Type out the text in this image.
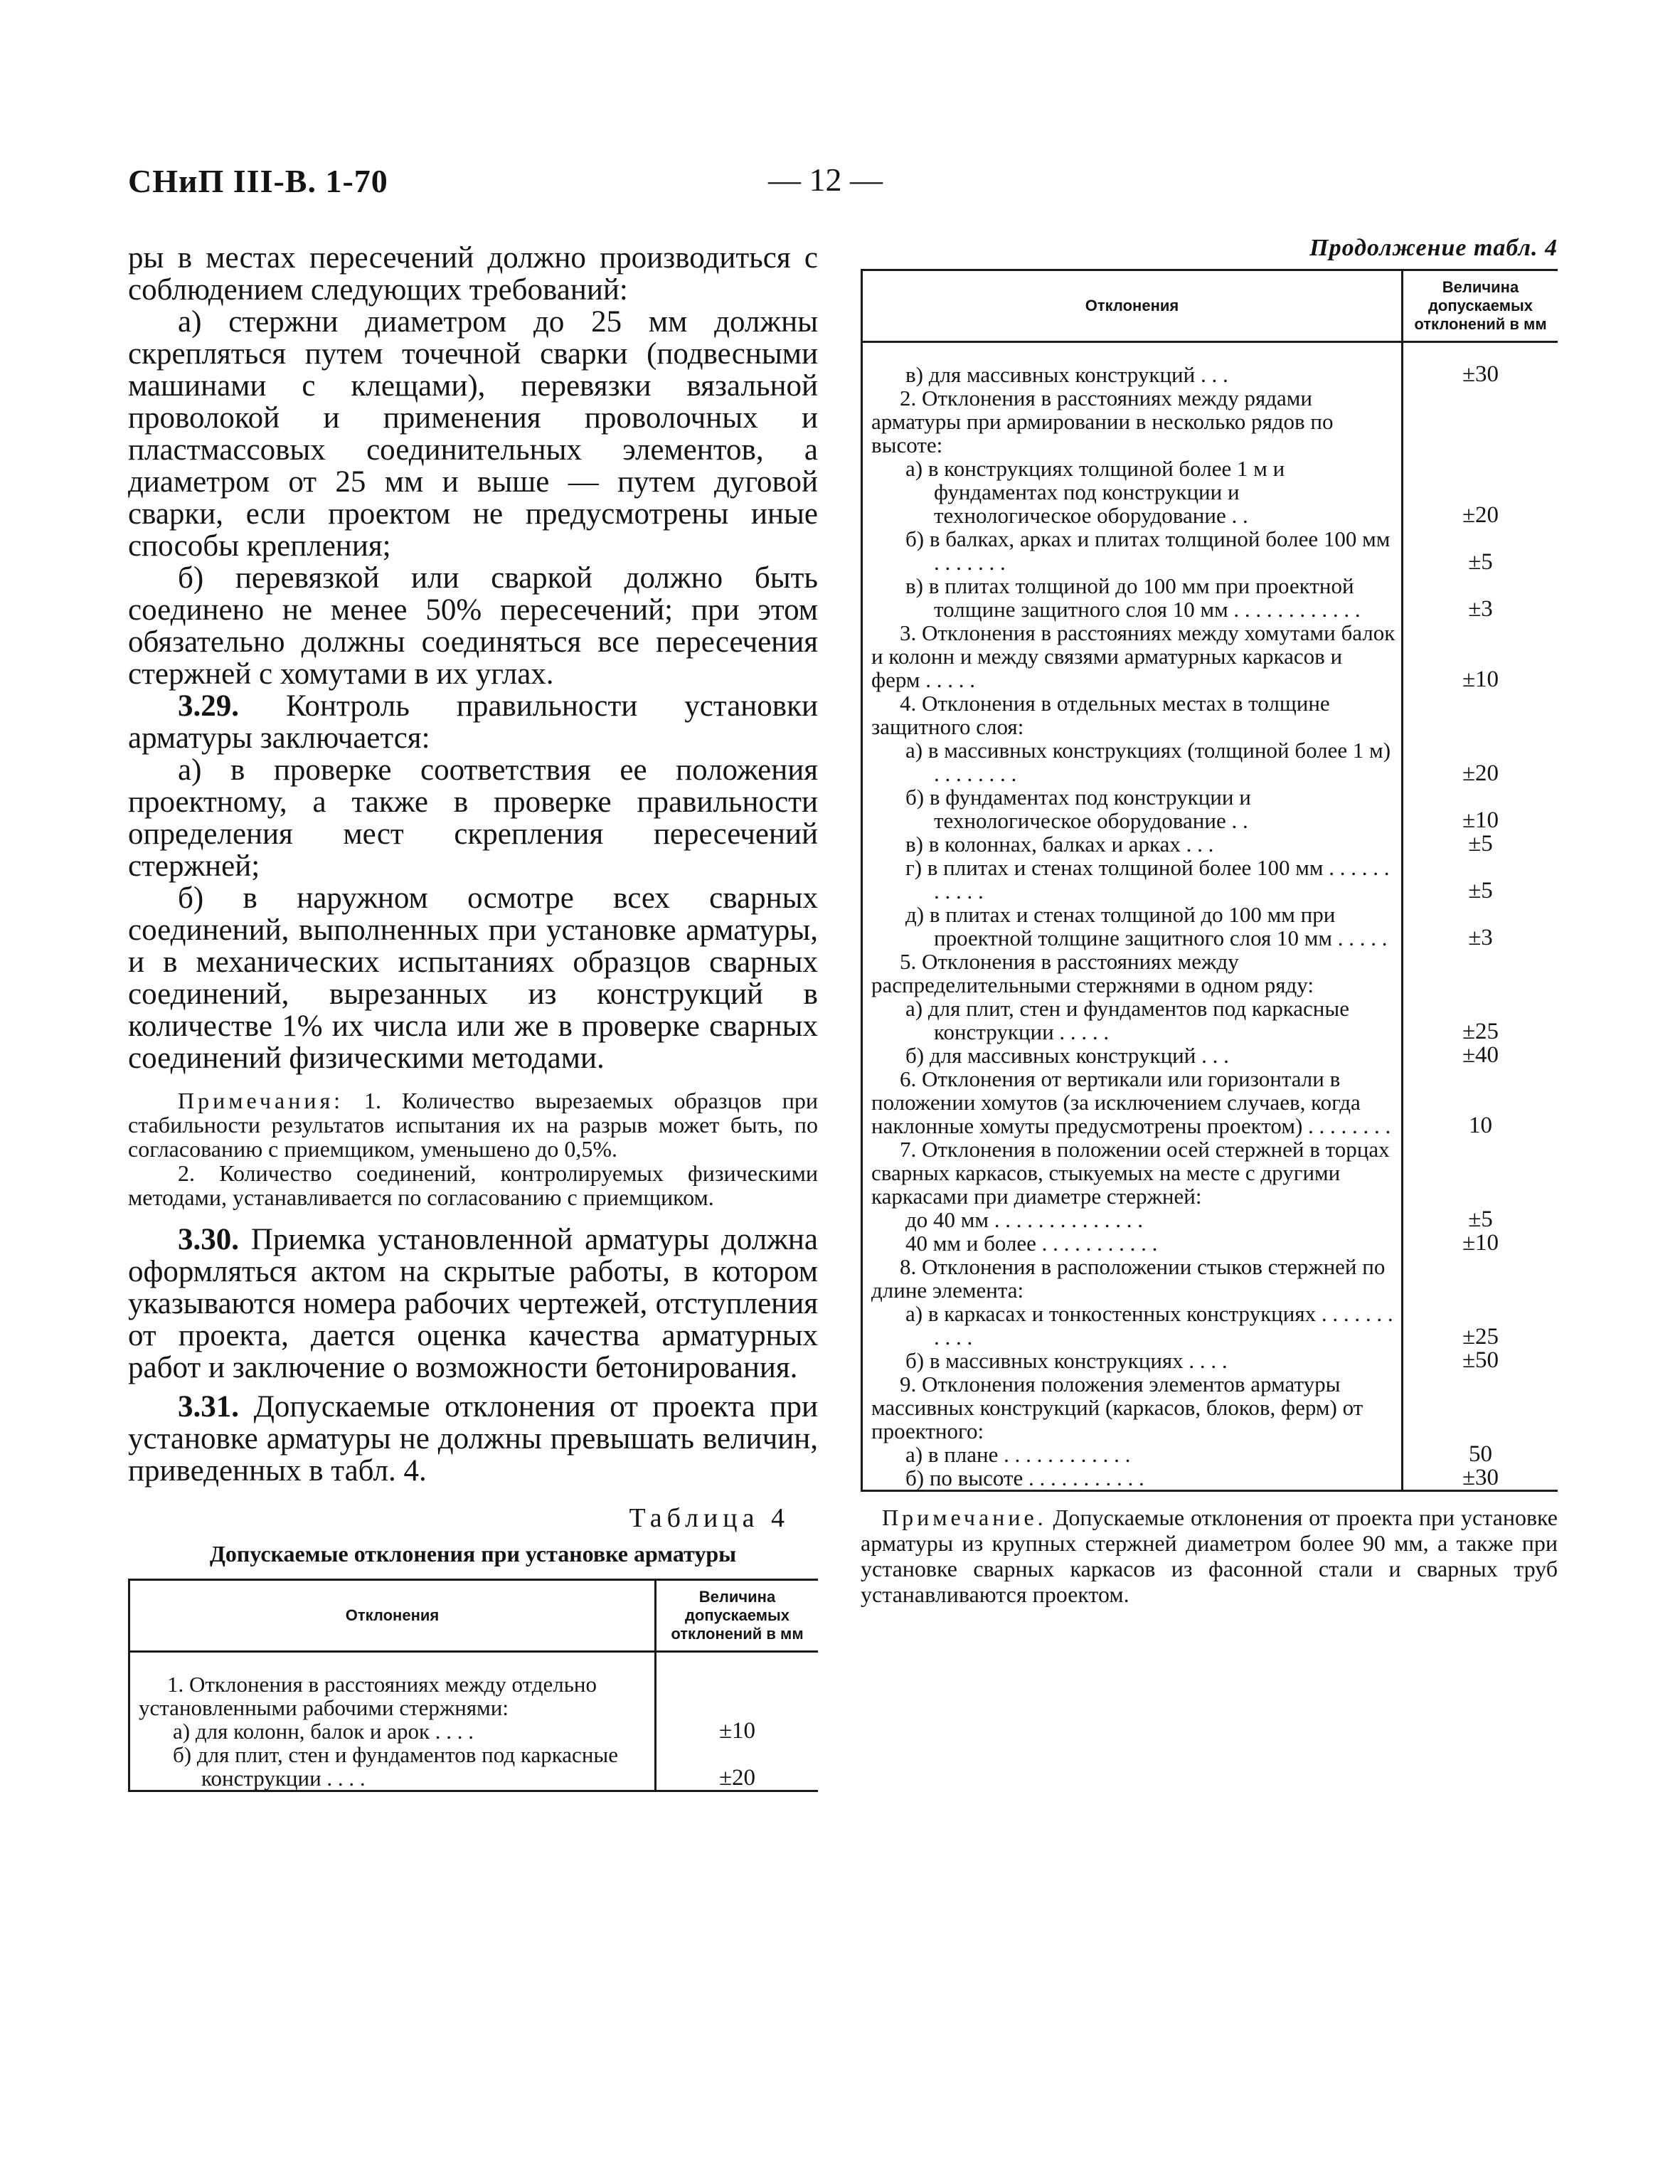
СНиП III-В. 1-70	— 12 —

ры в местах пересечений должно производиться с соблюдением следующих требований:

а) стержни диаметром до 25 мм должны скрепляться путем точечной сварки (подвесными машинами с клещами), перевязки вязальной проволокой и применения проволочных и пластмассовых соединительных элементов, а диаметром от 25 мм и выше — путем дуговой сварки, если проектом не предусмотрены иные способы крепления;

б) перевязкой или сваркой должно быть соединено не менее 50% пересечений; при этом обязательно должны соединяться все пересечения стержней с хомутами в их углах.

3.29. Контроль правильности установки арматуры заключается:

а) в проверке соответствия ее положения проектному, а также в проверке правильности определения мест скрепления пересечений стержней;

б) в наружном осмотре всех сварных соединений, выполненных при установке арматуры, и в механических испытаниях образцов сварных соединений, вырезанных из конструкций в количестве 1% их числа или же в проверке сварных соединений физическими методами.

Примечания: 1. Количество вырезаемых образцов при стабильности результатов испытания их на разрыв может быть, по согласованию с приемщиком, уменьшено до 0,5%.

2. Количество соединений, контролируемых физическими методами, устанавливается по согласованию с приемщиком.

3.30. Приемка установленной арматуры должна оформляться актом на скрытые работы, в котором указываются номера рабочих чертежей, отступления от проекта, дается оценка качества арматурных работ и заключение о возможности бетонирования.

3.31. Допускаемые отклонения от проекта при установке арматуры не должны превышать величин, приведенных в табл. 4.

Таблица 4
Допускаемые отклонения при установке арматуры
Отклонения	Величина допускаемых отклонений в мм

1. Отклонения в расстояниях между отдельно установленными рабочими стержнями:	
а) для колонн, балок и арок . . . .	±10
б) для плит, стен и фундаментов под каркасные конструкции . . . .	±20
Продолжение табл. 4
Отклонения	Величина допускаемых отклонений в мм

в) для массивных конструкций . . .	±30
2. Отклонения в расстояниях между рядами арматуры при армировании в несколько рядов по высоте:	
а) в конструкциях толщиной более 1 м и фундаментах под конструкции и технологическое оборудование . .	±20
б) в балках, арках и плитах толщиной более 100 мм . . . . . . .	±5
в) в плитах толщиной до 100 мм при проектной толщине защитного слоя 10 мм . . . . . . . . . . . .	±3
3. Отклонения в расстояниях между хомутами балок и колонн и между связями арматурных каркасов и ферм . . . . .	±10
4. Отклонения в отдельных местах в толщине защитного слоя:	
а) в массивных конструкциях (толщиной более 1 м) . . . . . . . .	±20
б) в фундаментах под конструкции и технологическое оборудование . .	±10
в) в колоннах, балках и арках . . .	±5
г) в плитах и стенах толщиной более 100 мм . . . . . . . . . . .	±5
д) в плитах и стенах толщиной до 100 мм при проектной толщине защитного слоя 10 мм . . . . .	±3
5. Отклонения в расстояниях между распределительными стержнями в одном ряду:	
а) для плит, стен и фундаментов под каркасные конструкции . . . . .	±25
б) для массивных конструкций . . .	±40
6. Отклонения от вертикали или горизонтали в положении хомутов (за исключением случаев, когда наклонные хомуты предусмотрены проектом) . . . . . . . .	10
7. Отклонения в положении осей стержней в торцах сварных каркасов, стыкуемых на месте с другими каркасами при диаметре стержней:	
до 40 мм . . . . . . . . . . . . . .	±5
40 мм и более . . . . . . . . . . .	±10
8. Отклонения в расположении стыков стержней по длине элемента:	
а) в каркасах и тонкостенных конструкциях . . . . . . . . . . .	±25
б) в массивных конструкциях . . . .	±50
9. Отклонения положения элементов арматуры массивных конструкций (каркасов, блоков, ферм) от проектного:	
а) в плане . . . . . . . . . . . .	50
б) по высоте . . . . . . . . . . .	±30

Примечание. Допускаемые отклонения от проекта при установке арматуры из крупных стержней диаметром более 90 мм, а также при установке сварных каркасов из фасонной стали и сварных труб устанавливаются проектом.
